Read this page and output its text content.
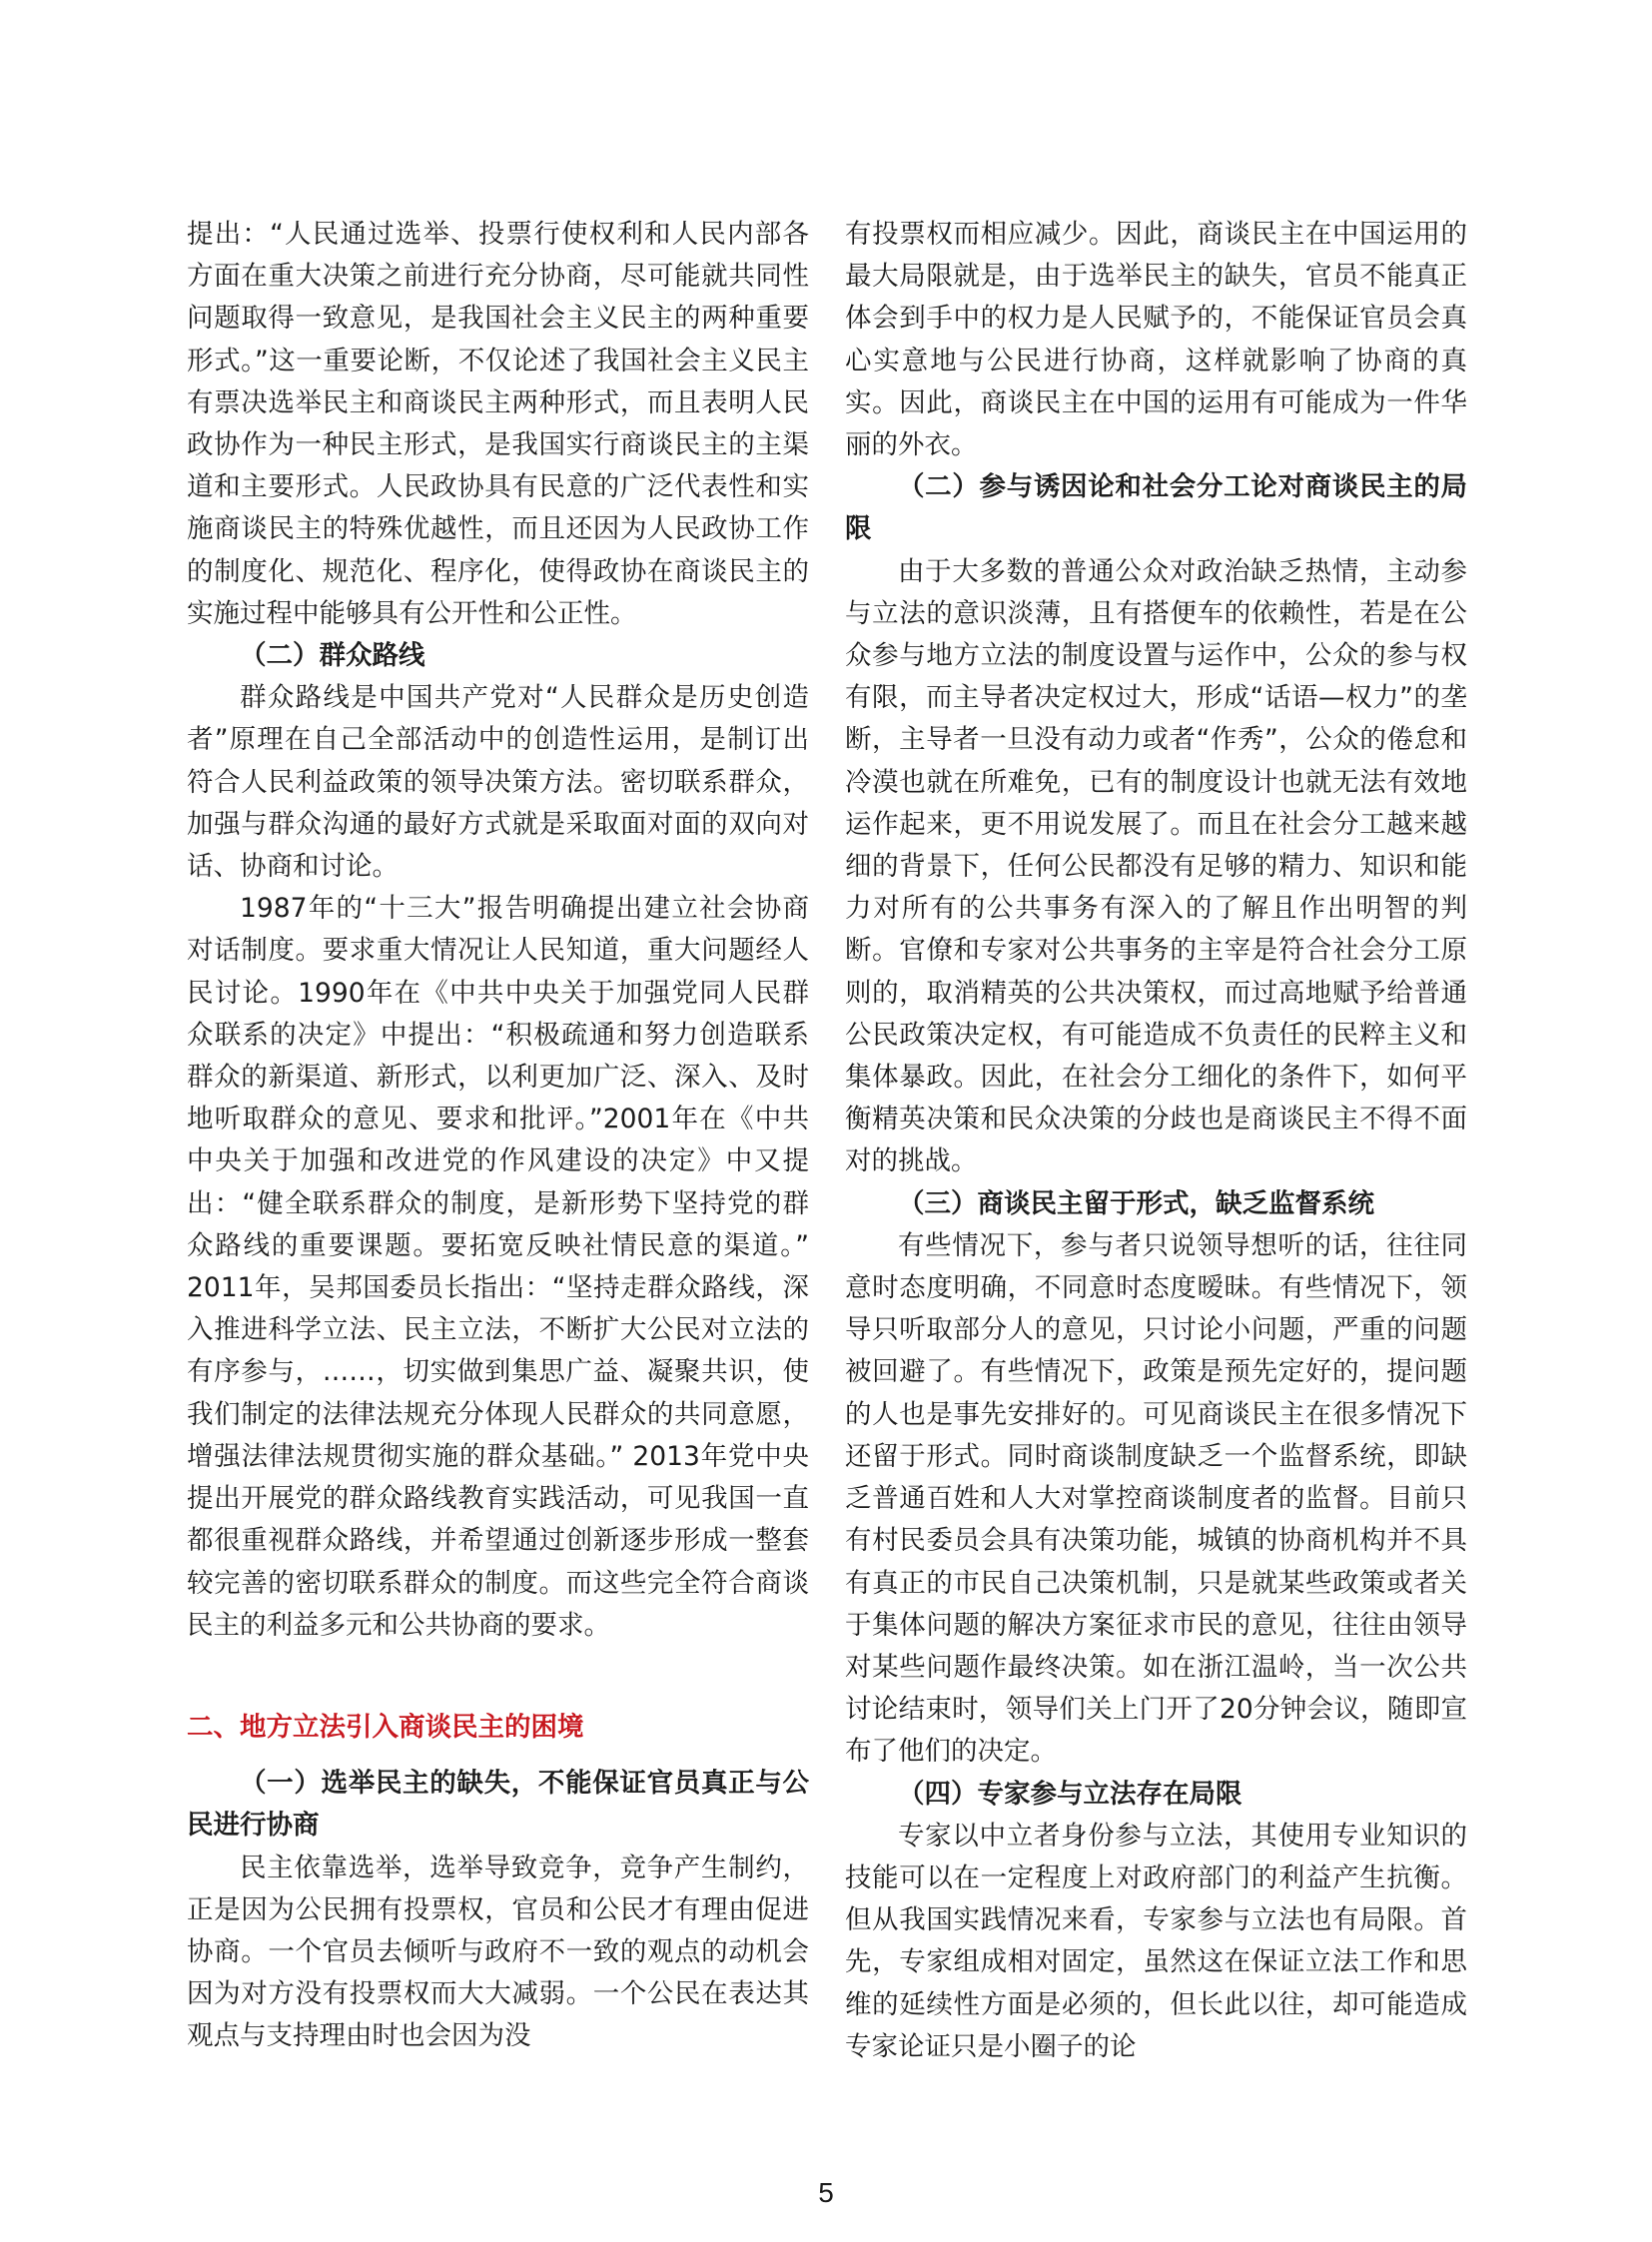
提出：“人民通过选举、投票行使权利和人民内部各方面在重大决策之前进行充分协商，尽可能就共同性问题取得一致意见，是我国社会主义民主的两种重要形式。”这一重要论断，不仅论述了我国社会主义民主有票决选举民主和商谈民主两种形式，而且表明人民政协作为一种民主形式，是我国实行商谈民主的主渠道和主要形式。人民政协具有民意的广泛代表性和实施商谈民主的特殊优越性，而且还因为人民政协工作的制度化、规范化、程序化，使得政协在商谈民主的实施过程中能够具有公开性和公正性。

（二）群众路线

群众路线是中国共产党对“人民群众是历史创造者”原理在自己全部活动中的创造性运用，是制订出符合人民利益政策的领导决策方法。密切联系群众，加强与群众沟通的最好方式就是采取面对面的双向对话、协商和讨论。

1987年的“十三大”报告明确提出建立社会协商对话制度。要求重大情况让人民知道，重大问题经人民讨论。1990年在《中共中央关于加强党同人民群众联系的决定》中提出：“积极疏通和努力创造联系群众的新渠道、新形式，以利更加广泛、深入、及时地听取群众的意见、要求和批评。”2001年在《中共中央关于加强和改进党的作风建设的决定》中又提出：“健全联系群众的制度，是新形势下坚持党的群众路线的重要课题。要拓宽反映社情民意的渠道。” 2011年，吴邦国委员长指出：“坚持走群众路线，深入推进科学立法、民主立法，不断扩大公民对立法的有序参与，……，切实做到集思广益、凝聚共识，使我们制定的法律法规充分体现人民群众的共同意愿，增强法律法规贯彻实施的群众基础。” 2013年党中央提出开展党的群众路线教育实践活动，可见我国一直都很重视群众路线，并希望通过创新逐步形成一整套较完善的密切联系群众的制度。而这些完全符合商谈民主的利益多元和公共协商的要求。

二、地方立法引入商谈民主的困境

（一）选举民主的缺失，不能保证官员真正与公民进行协商

民主依靠选举，选举导致竞争，竞争产生制约，正是因为公民拥有投票权，官员和公民才有理由促进协商。一个官员去倾听与政府不一致的观点的动机会因为对方没有投票权而大大减弱。一个公民在表达其观点与支持理由时也会因为没

有投票权而相应减少。因此，商谈民主在中国运用的最大局限就是，由于选举民主的缺失，官员不能真正体会到手中的权力是人民赋予的，不能保证官员会真心实意地与公民进行协商，这样就影响了协商的真实。因此，商谈民主在中国的运用有可能成为一件华丽的外衣。

（二）参与诱因论和社会分工论对商谈民主的局限

由于大多数的普通公众对政治缺乏热情，主动参与立法的意识淡薄，且有搭便车的依赖性，若是在公众参与地方立法的制度设置与运作中，公众的参与权有限，而主导者决定权过大，形成“话语—权力”的垄断，主导者一旦没有动力或者“作秀”，公众的倦怠和冷漠也就在所难免，已有的制度设计也就无法有效地运作起来，更不用说发展了。而且在社会分工越来越细的背景下，任何公民都没有足够的精力、知识和能力对所有的公共事务有深入的了解且作出明智的判断。官僚和专家对公共事务的主宰是符合社会分工原则的，取消精英的公共决策权，而过高地赋予给普通公民政策决定权，有可能造成不负责任的民粹主义和集体暴政。因此，在社会分工细化的条件下，如何平衡精英决策和民众决策的分歧也是商谈民主不得不面对的挑战。

（三）商谈民主留于形式，缺乏监督系统

有些情况下，参与者只说领导想听的话，往往同意时态度明确，不同意时态度暧昧。有些情况下，领导只听取部分人的意见，只讨论小问题，严重的问题被回避了。有些情况下，政策是预先定好的，提问题的人也是事先安排好的。可见商谈民主在很多情况下还留于形式。同时商谈制度缺乏一个监督系统，即缺乏普通百姓和人大对掌控商谈制度者的监督。目前只有村民委员会具有决策功能，城镇的协商机构并不具有真正的市民自己决策机制，只是就某些政策或者关于集体问题的解决方案征求市民的意见，往往由领导对某些问题作最终决策。如在浙江温岭，当一次公共讨论结束时，领导们关上门开了20分钟会议，随即宣布了他们的决定。

（四）专家参与立法存在局限

专家以中立者身份参与立法，其使用专业知识的技能可以在一定程度上对政府部门的利益产生抗衡。但从我国实践情况来看，专家参与立法也有局限。首先，专家组成相对固定，虽然这在保证立法工作和思维的延续性方面是必须的，但长此以往，却可能造成专家论证只是小圈子的论

5
